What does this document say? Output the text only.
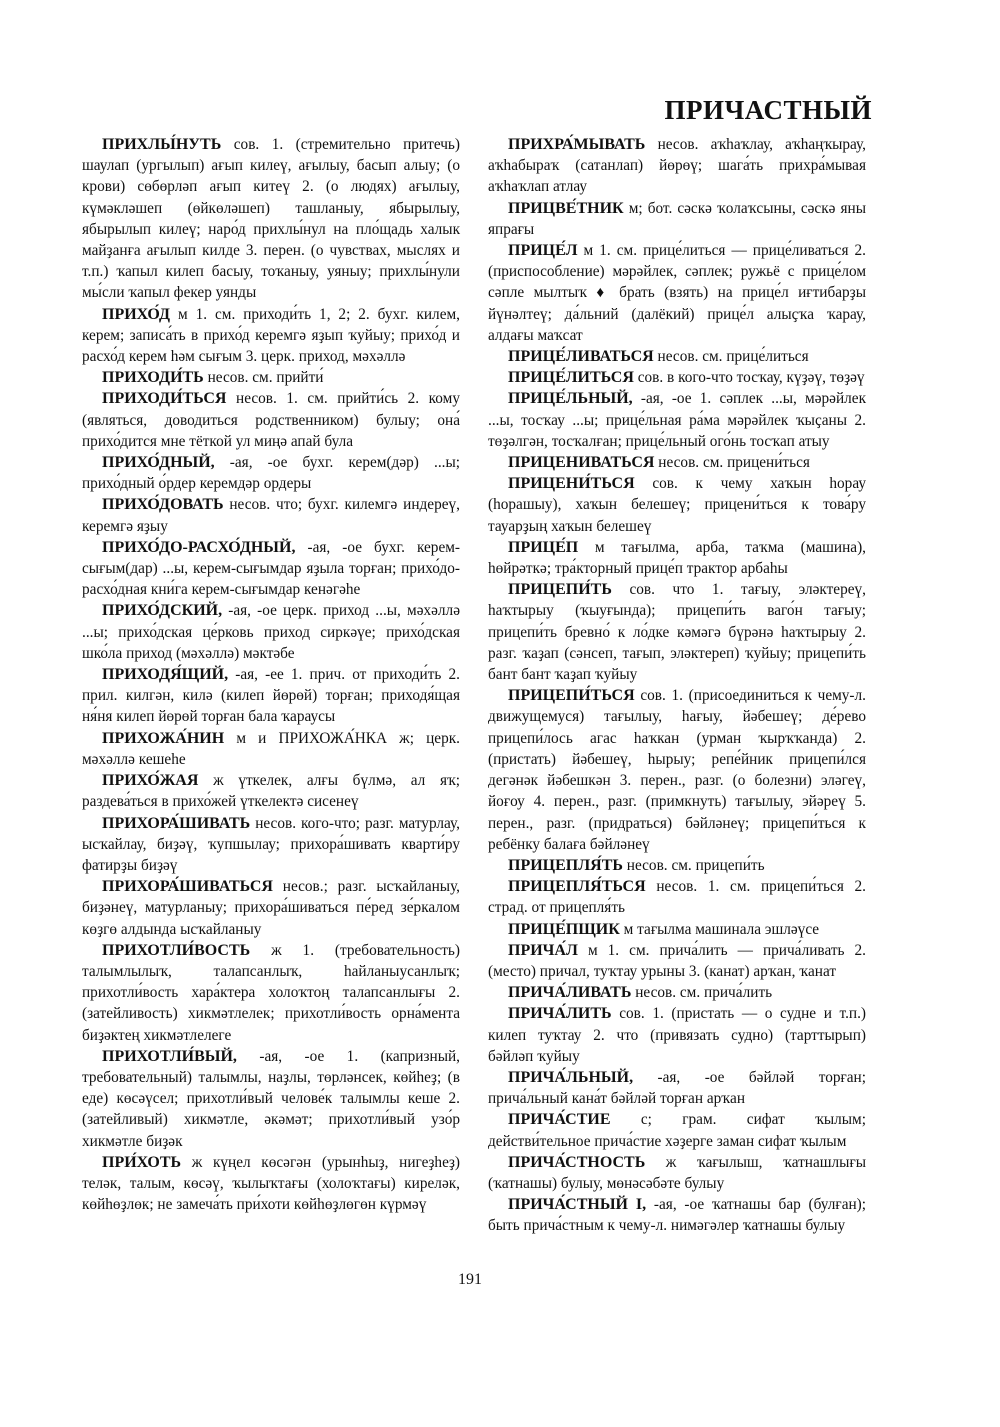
ПРИЧАСТНЫЙ

ПРИХЛЫ́НУТЬ сов. 1. (стремительно притечь) шаулап (ургылып) ағып килеү, ағылыу, басып алыу; (о крови) сөбөрләп ағып китеү 2. (о людях) ағылыу, күмәкләшеп (өйкөләшеп) ташланыу, ябырылыу, ябырылып килеү; наро́д прихлы́нул на пло́щадь халык майҙанға ағылып килде 3. перен. (о чувствах, мыслях и т.п.) ҡапыл килеп басыу, тоҡаныу, уяныу; прихлы́нули мы́сли ҡапыл фекер уянды

ПРИХО́Д м 1. см. приходи́ть 1, 2; 2. бухг. килем, керем; записа́ть в прихо́д керемгә яҙып ҡуйыу; прихо́д и расхо́д керем һәм сығым 3. церк. приход, мәхәллә

ПРИХОДИ́ТЬ несов. см. прийти́

ПРИХОДИ́ТЬСЯ несов. 1. см. прийти́сь 2. кому (являться, доводиться родственником) булыу; она́ прихо́дится мне тёткой ул миңә апай була

ПРИХО́ДНЫЙ, -ая, -ое бухг. керем(дәр) ...ы; прихо́дный о́рдер керемдәр ордеры

ПРИХО́ДОВАТЬ несов. что; бухг. килемгә индереү, керемгә яҙыу

ПРИХО́ДО-РАСХО́ДНЫЙ, -ая, -ое бухг. керем-сығым(дар) ...ы, керем-сығымдар яҙыла торған; прихо́до-расхо́дная кни́га керем-сығымдар кенәгәһе

ПРИХО́ДСКИЙ, -ая, -ое церк. приход ...ы, мәхәллә ...ы; прихо́дская це́рковь приход сиркәүе; прихо́дская шко́ла приход (мәхәллә) мәктәбе

ПРИХОДЯ́ЩИЙ, -ая, -ее 1. прич. от приходи́ть 2. прил. килгән, килә (килеп йөрөй) торған; приходя́щая ня́ня килеп йөрөй торған бала ҡараусы

ПРИХОЖА́НИН м и ПРИХОЖА́НКА ж; церк. мәхәллә кешеһе

ПРИХО́ЖАЯ ж үткелек, алғы бүлмә, ал яҡ; раздева́ться в прихо́жей үткелектә сисенеү

ПРИХОРА́ШИВАТЬ несов. кого-что; разг. матурлау, ысҡайлау, биҙәү, ҡупшылау; прихора́шивать кварти́ру фатирҙы биҙәү

ПРИХОРА́ШИВАТЬСЯ несов.; разг. ысҡайланыу, биҙәнеү, матурланыу; прихора́шиваться пе́ред зе́ркалом көҙгө алдында ысҡайланыу

ПРИХОТЛИ́ВОСТЬ ж 1. (требовательность) талымлылыҡ, талапсанлыҡ, һайланыусанлыҡ; прихотли́вость хара́ктера холоҡтоң талапсанлығы 2. (затейливость) хикмәтлелек; прихотли́вость орна́мента биҙәктең хикмәтлелеге

ПРИХОТЛИ́ВЫЙ, -ая, -ое 1. (капризный, требовательный) талымлы, наҙлы, төрләнсек, көйһеҙ; (в еде) көсәүсел; прихотли́вый челове́к талымлы кеше 2. (затейливый) хикмәтле, әкәмәт; прихотли́вый узо́р хикмәтле биҙәк

ПРИ́ХОТЬ ж күңел көсәгән (урынһыҙ, нигеҙһеҙ) теләк, талым, көсәү, ҡылыҡтағы (холоҡтағы) киреләк, көйһөҙлөк; не замеча́ть при́хоти көйһөҙлөгөн күрмәү

ПРИХРА́МЫВАТЬ несов. аҡһаҡлау, аҡһаңҡырау, аҡһабыраҡ (сатанлап) йөрөү; шага́ть прихра́мывая аҡһаҡлап атлау

ПРИЦВЕ́ТНИК м; бот. сәскә ҡолаҡсыны, сәскә яны япрағы

ПРИЦЕ́Л м 1. см. прице́литься — прице́ливаться 2. (приспособление) мәрәйлек, сәплек; ружьё с прице́лом сәпле мылтыҡ ♦ брать (взять) на прице́л иғтибарҙы йүнәлтеү; да́льний (далёкий) прице́л алыҫҡа ҡарау, алдағы маҡсат

ПРИЦЕ́ЛИВАТЬСЯ несов. см. прице́литься

ПРИЦЕ́ЛИТЬСЯ сов. в кого-что тосҡау, күҙәү, төҙәү

ПРИЦЕ́ЛЬНЫЙ, -ая, -ое 1. сәплек ...ы, мәрәйлек ...ы, тосҡау ...ы; прице́льная ра́ма мәрәйлек ҡыҫаны 2. төҙәлгән, тосҡалған; прице́льный ого́нь тосҡап атыу

ПРИЦЕНИВАТЬСЯ несов. см. прицени́ться

ПРИЦЕНИ́ТЬСЯ сов. к чему хаҡын һорау (һорашыу), хаҡын белешеү; прицени́ться к това́ру тауарҙың хаҡын белешеү

ПРИЦЕ́П м тағылма, арба, таҡма (машина), һөйрәткә; тра́кторный прице́п трактор арбаһы

ПРИЦЕПИ́ТЬ сов. что 1. тағыу, эләктереү, һаҡтырыу (ҡыуғында); прицепи́ть ваго́н тағыу; прицепи́ть бревно́ к ло́дке кәмәгә бүрәнә һаҡтырыу 2. разг. ҡаҙап (сәнсеп, тағып, эләктереп) ҡуйыу; прицепи́ть бант бант ҡаҙап ҡуйыу

ПРИЦЕПИ́ТЬСЯ сов. 1. (присоединиться к чему-л. движущемуся) тағылыу, һағыу, йәбешеү; де́рево прицепи́лось агас һаҡкан (урман ҡырҡҡанда) 2. (пристать) йәбешеү, һырыу; репе́йник прицепи́лся дегәнәк йәбешкән 3. перен., разг. (о болезни) эләгеү, йоғоу 4. перен., разг. (примкнуть) тағылыу, эйәреү 5. перен., разг. (придраться) бәйләнеү; прицепи́ться к ребёнку балаға бәйләнеү

ПРИЦЕПЛЯ́ТЬ несов. см. прицепи́ть

ПРИЦЕПЛЯ́ТЬСЯ несов. 1. см. прицепи́ться 2. страд. от прицепля́ть

ПРИЦЕ́ПЩИК м тағылма машинала эшләүсе

ПРИЧА́Л м 1. см. прича́лить — прича́ливать 2. (место) причал, туҡтау урыны 3. (канат) арҡан, ҡанат

ПРИЧА́ЛИВАТЬ несов. см. прича́лить

ПРИЧА́ЛИТЬ сов. 1. (пристать — о судне и т.п.) килеп туҡтау 2. что (привязать судно) (тарттырып) бәйләп ҡуйыу

ПРИЧА́ЛЬНЫЙ, -ая, -ое бәйләй торған; прича́льный кана́т бәйләй торған арҡан

ПРИЧА́СТИЕ с; грам. сифат ҡылым; действи́тельное прича́стие хәҙерге заман сифат ҡылым

ПРИЧА́СТНОСТЬ ж ҡағылыш, ҡатнашлығы (ҡатнашы) булыу, мөнәсәбәте булыу

ПРИЧА́СТНЫЙ I, -ая, -ое ҡатнашы бар (булған); быть прича́стным к чему-л. нимәгәлер ҡатнашы булыу

191
